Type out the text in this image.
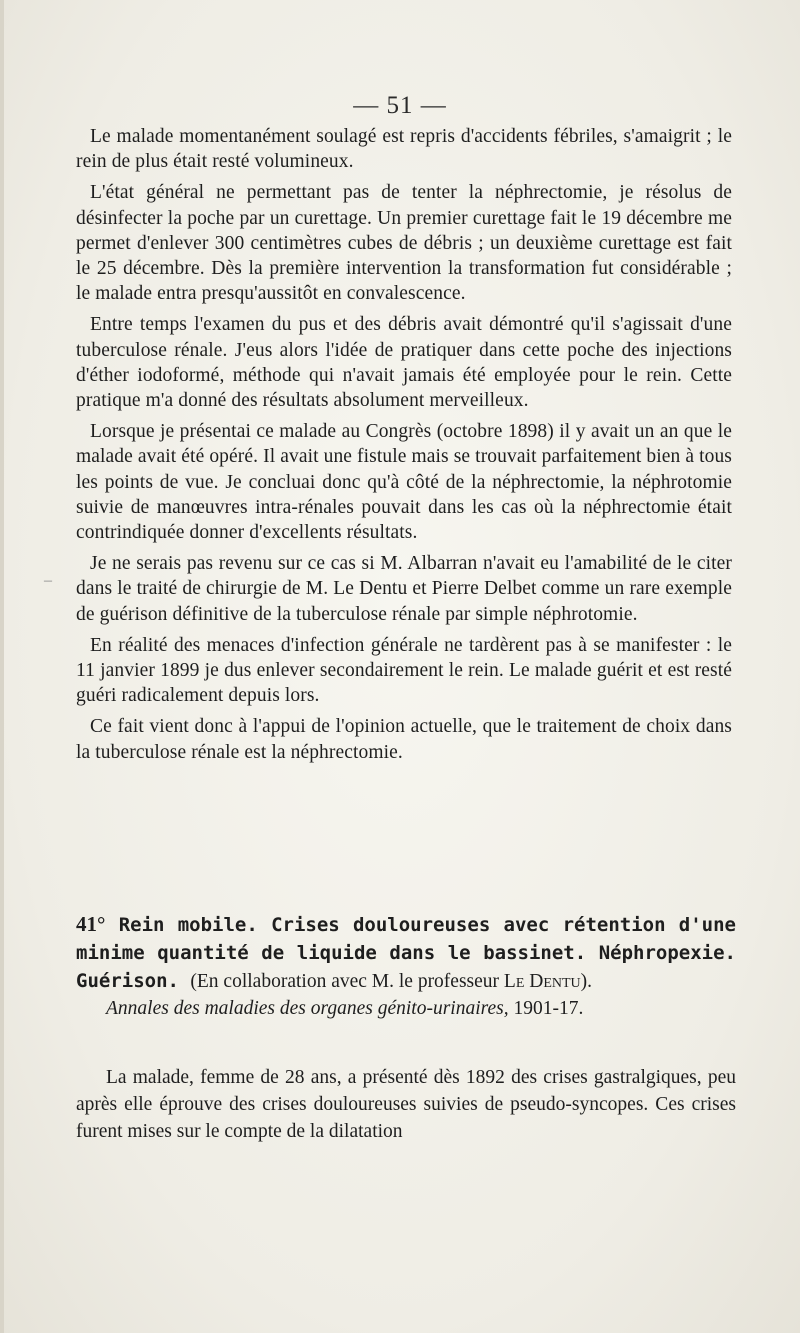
— 51 —

Le malade momentanément soulagé est repris d'accidents fébriles, s'amaigrit ; le rein de plus était resté volumineux.

L'état général ne permettant pas de tenter la néphrectomie, je résolus de désinfecter la poche par un curettage. Un premier curettage fait le 19 décembre me permet d'enlever 300 centimètres cubes de débris ; un deuxième curettage est fait le 25 décembre. Dès la première intervention la transformation fut considérable ; le malade entra presqu'aussitôt en convalescence.

Entre temps l'examen du pus et des débris avait démontré qu'il s'agissait d'une tuberculose rénale. J'eus alors l'idée de pratiquer dans cette poche des injections d'éther iodoformé, méthode qui n'avait jamais été employée pour le rein. Cette pratique m'a donné des résultats absolument merveilleux.

Lorsque je présentai ce malade au Congrès (octobre 1898) il y avait un an que le malade avait été opéré. Il avait une fistule mais se trouvait parfaitement bien à tous les points de vue. Je concluai donc qu'à côté de la néphrectomie, la néphrotomie suivie de manœuvres intra-rénales pouvait dans les cas où la néphrectomie était contrindiquée donner d'excellents résultats.

Je ne serais pas revenu sur ce cas si M. Albarran n'avait eu l'amabilité de le citer dans le traité de chirurgie de M. Le Dentu et Pierre Delbet comme un rare exemple de guérison définitive de la tuberculose rénale par simple néphrotomie.

En réalité des menaces d'infection générale ne tardèrent pas à se manifester : le 11 janvier 1899 je dus enlever secondairement le rein. Le malade guérit et est resté guéri radicalement depuis lors.

Ce fait vient donc à l'appui de l'opinion actuelle, que le traitement de choix dans la tuberculose rénale est la néphrectomie.

–

41° Rein mobile. Crises douloureuses avec rétention d'une minime quantité de liquide dans le bassinet. Néphropexie. Guérison. (En collaboration avec M. le professeur Le Dentu).

Annales des maladies des organes génito-urinaires, 1901-17.

La malade, femme de 28 ans, a présenté dès 1892 des crises gastralgiques, peu après elle éprouve des crises douloureuses suivies de pseudo-syncopes. Ces crises furent mises sur le compte de la dilatation
